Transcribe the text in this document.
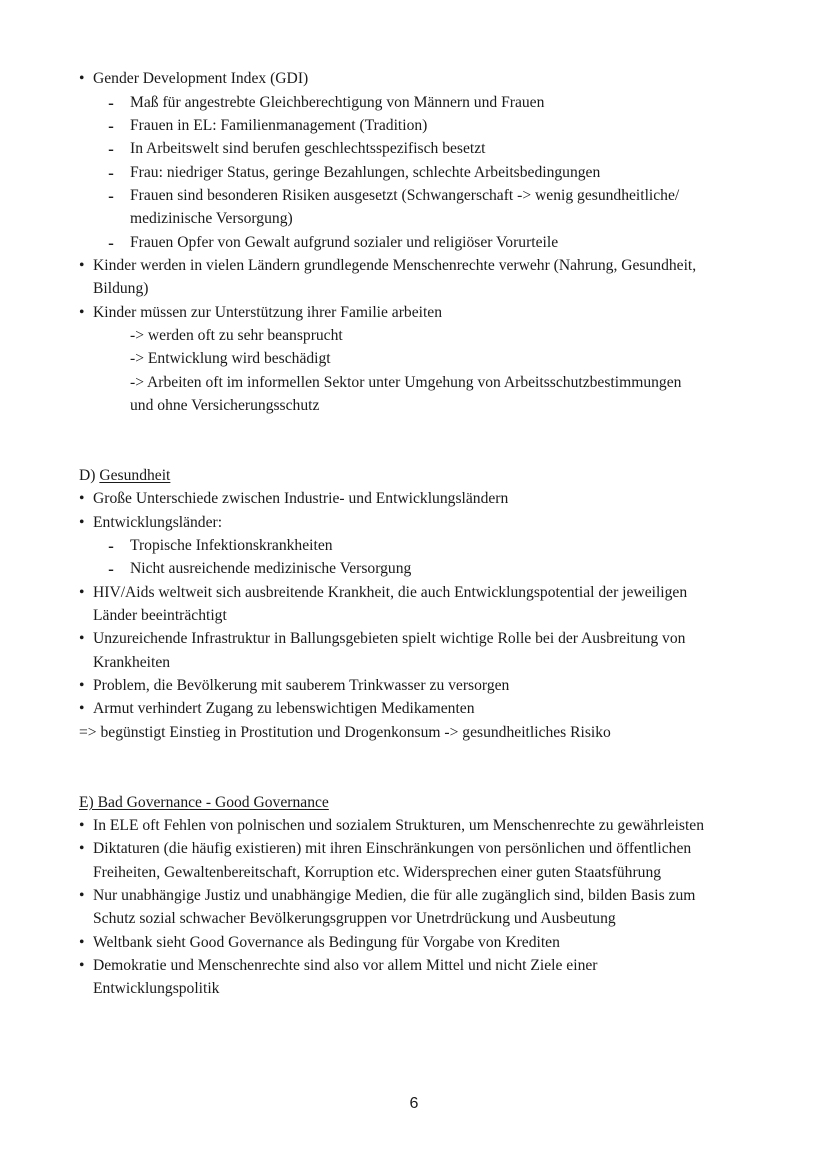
• Gender Development Index (GDI)
- Maß für angestrebte Gleichberechtigung von Männern und Frauen
- Frauen in EL: Familienmanagement (Tradition)
- In Arbeitswelt sind berufen geschlechtsspezifisch besetzt
- Frau: niedriger Status, geringe Bezahlungen, schlechte Arbeitsbedingungen
- Frauen sind besonderen Risiken ausgesetzt (Schwangerschaft -> wenig gesundheitliche/
medizinische Versorgung)
- Frauen Opfer von Gewalt aufgrund sozialer und religiöser Vorurteile
• Kinder werden in vielen Ländern grundlegende Menschenrechte verwehr (Nahrung, Gesundheit,
Bildung)
• Kinder müssen zur Unterstützung ihrer Familie arbeiten
-> werden oft zu sehr beansprucht
-> Entwicklung wird beschädigt
-> Arbeiten oft im informellen Sektor unter Umgehung von Arbeitsschutzbestimmungen
und ohne Versicherungsschutz
D) Gesundheit
• Große Unterschiede zwischen Industrie- und Entwicklungsländern
• Entwicklungsländer:
- Tropische Infektionskrankheiten
- Nicht ausreichende medizinische Versorgung
• HIV/Aids weltweit sich ausbreitende Krankheit, die auch Entwicklungspotential der jeweiligen
Länder beeinträchtigt
• Unzureichende Infrastruktur in Ballungsgebieten spielt wichtige Rolle bei der Ausbreitung von
Krankheiten
• Problem, die Bevölkerung mit sauberem Trinkwasser zu versorgen
• Armut verhindert Zugang zu lebenswichtigen Medikamenten
=> begünstigt Einstieg in Prostitution und Drogenkonsum -> gesundheitliches Risiko
E) Bad Governance - Good Governance
• In ELE oft Fehlen von polnischen und sozialem Strukturen, um Menschenrechte zu gewährleisten
• Diktaturen (die häufig existieren) mit ihren Einschränkungen von persönlichen und öffentlichen
Freiheiten, Gewaltenbereitschaft, Korruption etc. Widersprechen einer guten Staatsführung
• Nur unabhängige Justiz und unabhängige Medien, die für alle zugänglich sind, bilden Basis zum
Schutz sozial schwacher Bevölkerungsgruppen vor Unetrdrückung und Ausbeutung
• Weltbank sieht Good Governance als Bedingung für Vorgabe von Krediten
• Demokratie und Menschenrechte sind also vor allem Mittel und nicht Ziele einer
Entwicklungspolitik
6
